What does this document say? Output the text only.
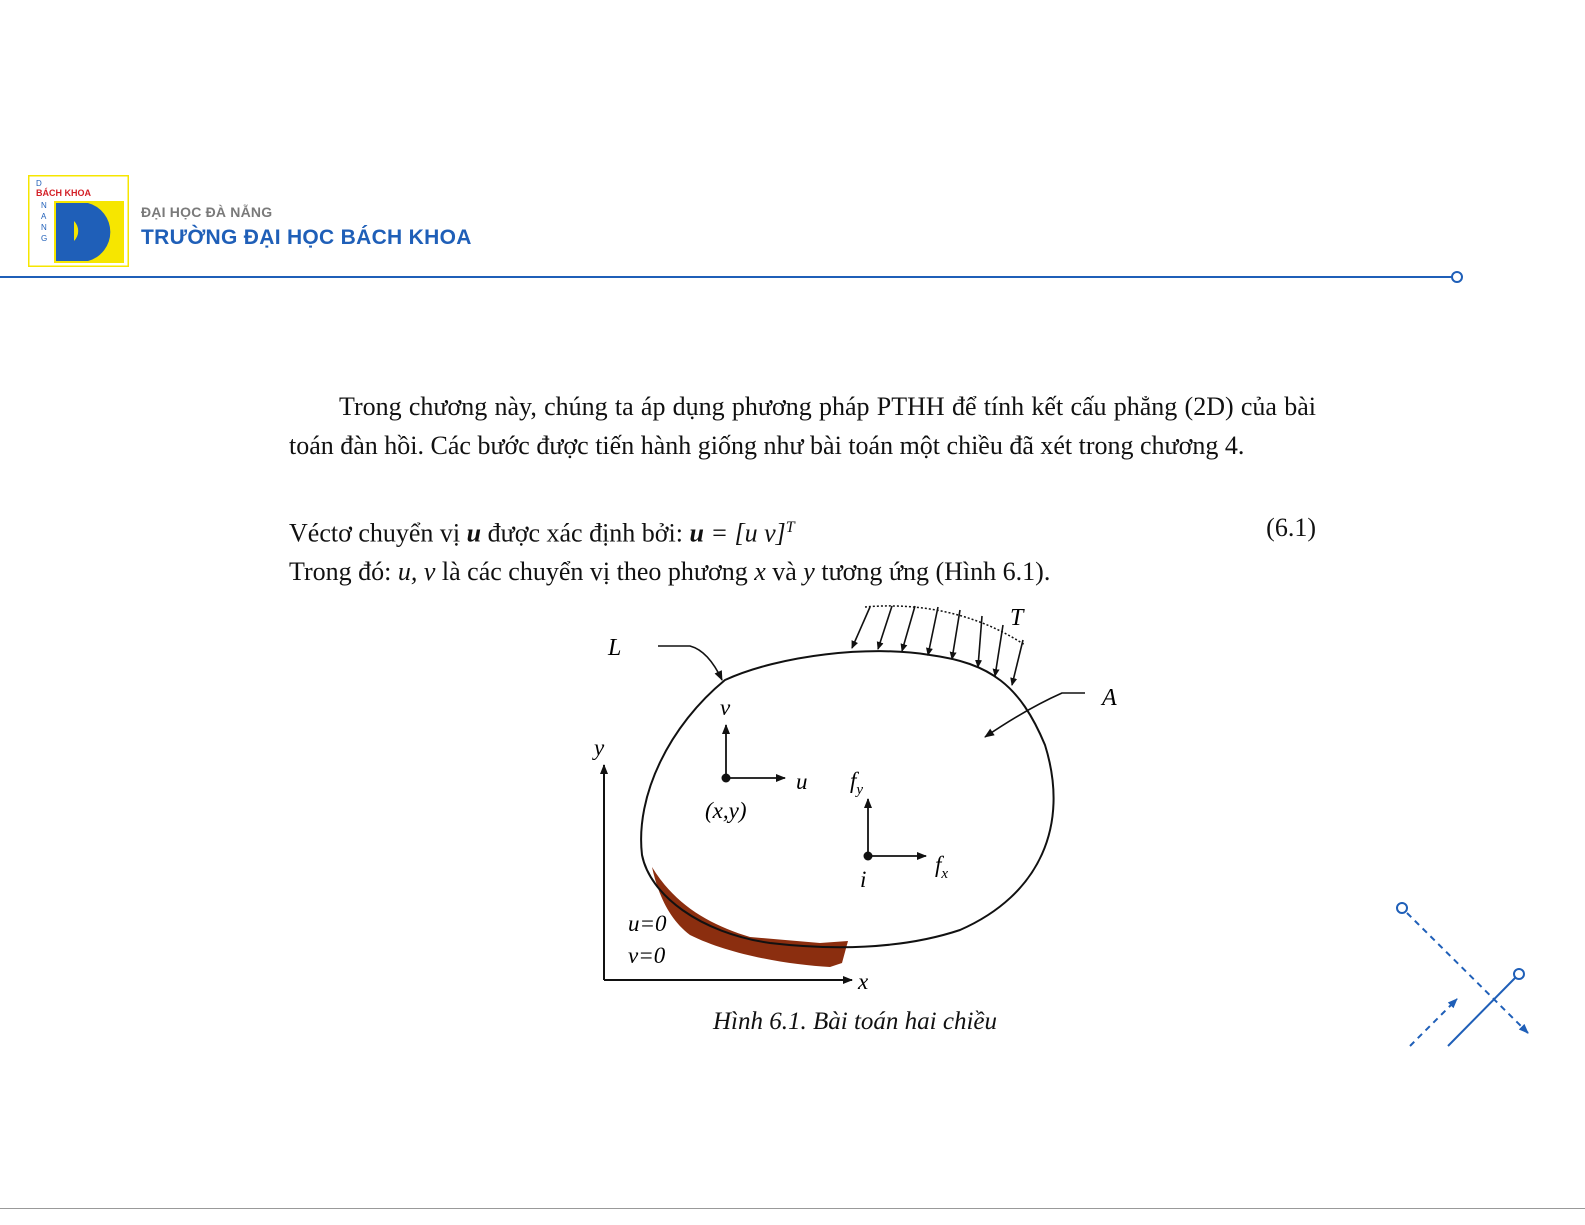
D
BÁCH KHOA
N
A
N
G
ĐẠI HỌC ĐÀ NẴNG
TRƯỜNG ĐẠI HỌC BÁCH KHOA

Trong chương này, chúng ta áp dụng phương pháp PTHH để tính kết cấu phẳng (2D) của bài toán đàn hồi. Các bước được tiến hành giống như bài toán một chiều đã xét trong chương 4.

Véctơ chuyển vị u được xác định bởi: u = [u v]$^T$	(6.1)
Trong đó: u, v là các chuyển vị theo phương x và y tương ứng (Hình 6.1).
T
L
A
v
u
(x,y)
$f_y$
$f_x$
i
y
x
u=0
v=0
Hình 6.1. Bài toán hai chiều
